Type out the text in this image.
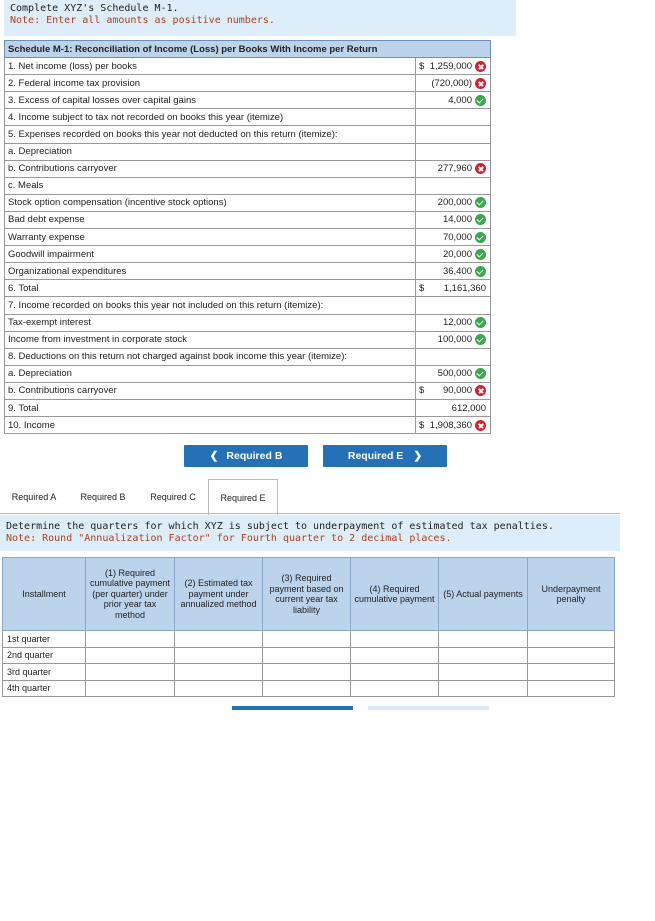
Complete XYZ's Schedule M-1.
Note: Enter all amounts as positive numbers.
Schedule M-1: Reconciliation of Income (Loss) per Books With Income per Return	
1. Net income (loss) per books	$ 1,259,000
2. Federal income tax provision	(720,000)
3. Excess of capital losses over capital gains	4,000
4. Income subject to tax not recorded on books this year (itemize)	
5. Expenses recorded on books this year not deducted on this return (itemize):	
a. Depreciation	
b. Contributions carryover	277,960
c. Meals	
Stock option compensation (incentive stock options)	200,000
Bad debt expense	14,000
Warranty expense	70,000
Goodwill impairment	20,000
Organizational expenditures	36,400
6. Total	$ 1,161,360
7. Income recorded on books this year not included on this return (itemize):	
Tax-exempt interest	12,000
Income from investment in corporate stock	100,000
8. Deductions on this return not charged against book income this year (itemize):	
a. Depreciation	500,000
b. Contributions carryover	$ 90,000
9. Total	612,000
10. Income	$ 1,908,360
❮ Required B	Required E ❯
Required A	Required B	Required C	Required E
Determine the quarters for which XYZ is subject to underpayment of estimated tax penalties.
Note: Round "Annualization Factor" for Fourth quarter to 2 decimal places.
Installment	(1) Required cumulative payment (per quarter) under prior year tax method	(2) Estimated tax payment under annualized method	(3) Required payment based on current year tax liability	(4) Required cumulative payment	(5) Actual payments	Underpayment penalty
1st quarter						
2nd quarter						
3rd quarter						
4th quarter						
